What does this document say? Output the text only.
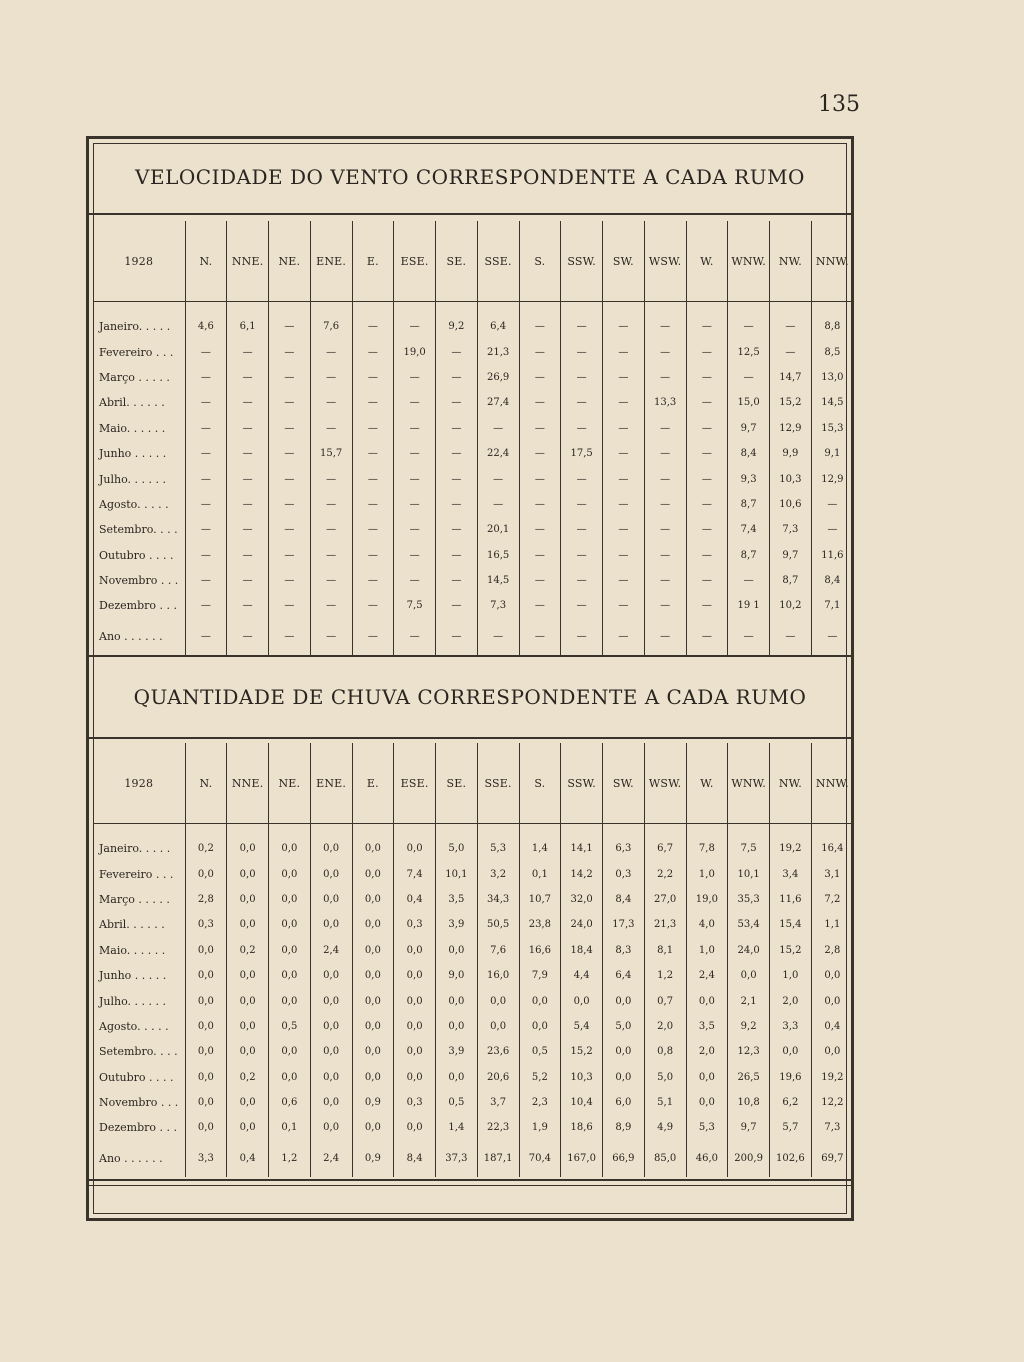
135
VELOCIDADE DO VENTO CORRESPONDENTE A CADA RUMO
1928	N.	NNE.	NE.	ENE.	E.	ESE.	SE.	SSE.	S.	SSW.	SW.	WSW.	W.	WNW.	NW.	NNW.

Janeiro. . . . .	4,6	6,1	—	7,6	—	—	9,2	6,4	—	—	—	—	—	—	—	8,8
Fevereiro . . .	—	—	—	—	—	19,0	—	21,3	—	—	—	—	—	12,5	—	8,5
Março . . . . .	—	—	—	—	—	—	—	26,9	—	—	—	—	—	—	14,7	13,0
Abril. . . . . .	—	—	—	—	—	—	—	27,4	—	—	—	13,3	—	15,0	15,2	14,5
Maio. . . . . .	—	—	—	—	—	—	—	—	—	—	—	—	—	9,7	12,9	15,3
Junho . . . . .	—	—	—	15,7	—	—	—	22,4	—	17,5	—	—	—	8,4	9,9	9,1
Julho. . . . . .	—	—	—	—	—	—	—	—	—	—	—	—	—	9,3	10,3	12,9
Agosto. . . . .	—	—	—	—	—	—	—	—	—	—	—	—	—	8,7	10,6	—
Setembro. . . .	—	—	—	—	—	—	—	20,1	—	—	—	—	—	7,4	7,3	—
Outubro . . . .	—	—	—	—	—	—	—	16,5	—	—	—	—	—	8,7	9,7	11,6
Novembro . . .	—	—	—	—	—	—	—	14,5	—	—	—	—	—	—	8,7	8,4
Dezembro . . .	—	—	—	—	—	7,5	—	7,3	—	—	—	—	—	19 1	10,2	7,1
Ano . . . . . .	—	—	—	—	—	—	—	—	—	—	—	—	—	—	—	—
QUANTIDADE DE CHUVA CORRESPONDENTE A CADA RUMO
1928	N.	NNE.	NE.	ENE.	E.	ESE.	SE.	SSE.	S.	SSW.	SW.	WSW.	W.	WNW.	NW.	NNW.

Janeiro. . . . .	0,2	0,0	0,0	0,0	0,0	0,0	5,0	5,3	1,4	14,1	6,3	6,7	7,8	7,5	19,2	16,4
Fevereiro . . .	0,0	0,0	0,0	0,0	0,0	7,4	10,1	3,2	0,1	14,2	0,3	2,2	1,0	10,1	3,4	3,1
Março . . . . .	2,8	0,0	0,0	0,0	0,0	0,4	3,5	34,3	10,7	32,0	8,4	27,0	19,0	35,3	11,6	7,2
Abril. . . . . .	0,3	0,0	0,0	0,0	0,0	0,3	3,9	50,5	23,8	24,0	17,3	21,3	4,0	53,4	15,4	1,1
Maio. . . . . .	0,0	0,2	0,0	2,4	0,0	0,0	0,0	7,6	16,6	18,4	8,3	8,1	1,0	24,0	15,2	2,8
Junho . . . . .	0,0	0,0	0,0	0,0	0,0	0,0	9,0	16,0	7,9	4,4	6,4	1,2	2,4	0,0	1,0	0,0
Julho. . . . . .	0,0	0,0	0,0	0,0	0,0	0,0	0,0	0,0	0,0	0,0	0,0	0,7	0,0	2,1	2,0	0,0
Agosto. . . . .	0,0	0,0	0,5	0,0	0,0	0,0	0,0	0,0	0,0	5,4	5,0	2,0	3,5	9,2	3,3	0,4
Setembro. . . .	0,0	0,0	0,0	0,0	0,0	0,0	3,9	23,6	0,5	15,2	0,0	0,8	2,0	12,3	0,0	0,0
Outubro . . . .	0,0	0,2	0,0	0,0	0,0	0,0	0,0	20,6	5,2	10,3	0,0	5,0	0,0	26,5	19,6	19,2
Novembro . . .	0,0	0,0	0,6	0,0	0,9	0,3	0,5	3,7	2,3	10,4	6,0	5,1	0,0	10,8	6,2	12,2
Dezembro . . .	0,0	0,0	0,1	0,0	0,0	0,0	1,4	22,3	1,9	18,6	8,9	4,9	5,3	9,7	5,7	7,3
Ano . . . . . .	3,3	0,4	1,2	2,4	0,9	8,4	37,3	187,1	70,4	167,0	66,9	85,0	46,0	200,9	102,6	69,7
